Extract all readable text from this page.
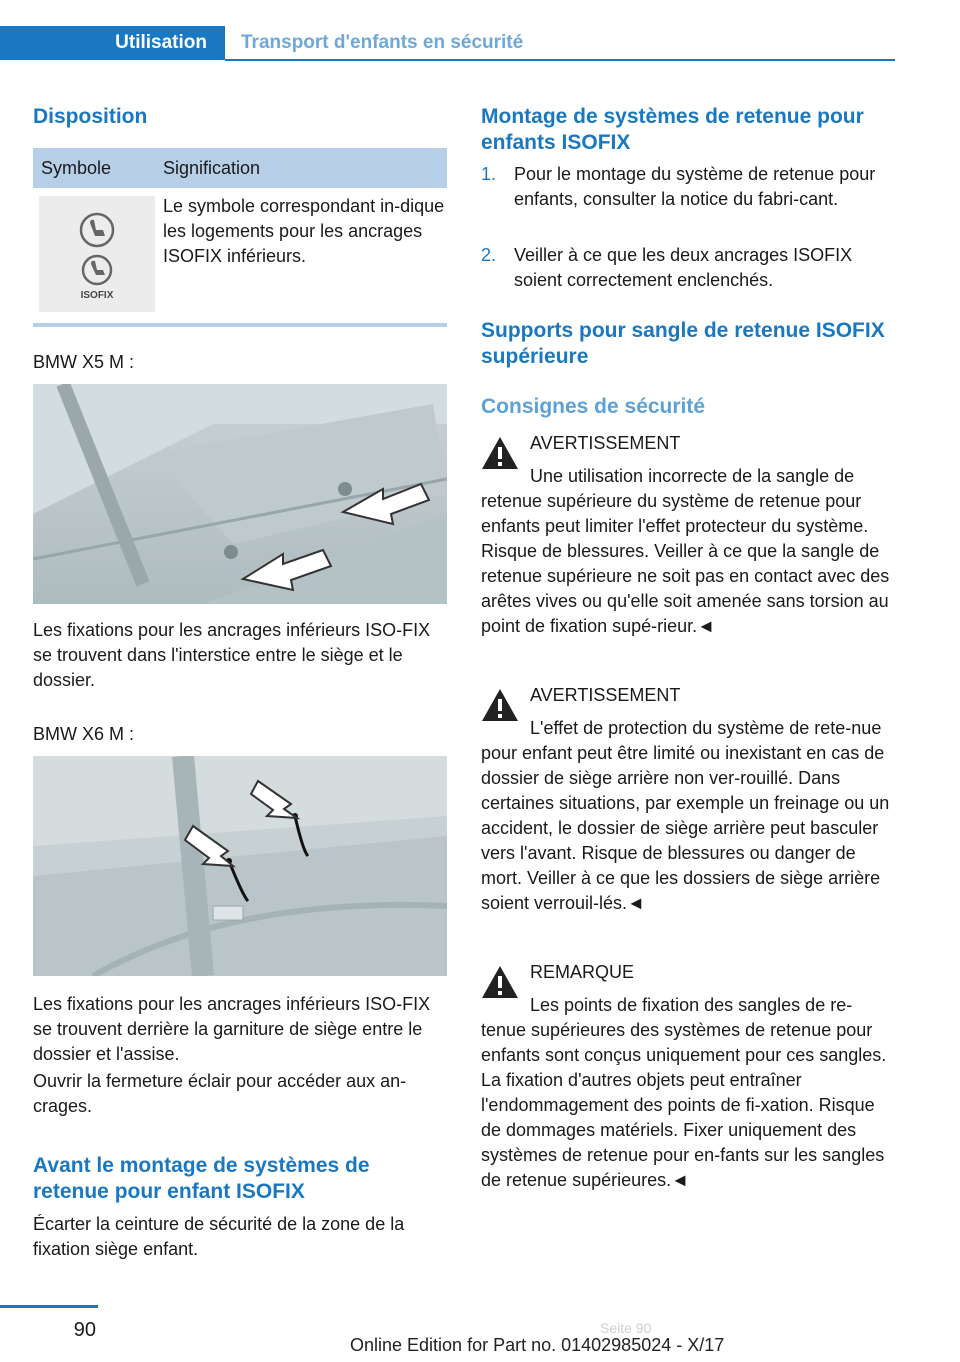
Utilisation	Transport d'enfants en sécurité
Disposition
Symbole	Signification
ISOFIX

Le symbole correspondant in-dique les logements pour les ancrages ISOFIX inférieurs.

BMW X5 M :

Les fixations pour les ancrages inférieurs ISO-FIX se trouvent dans l'interstice entre le siège et le dossier.

BMW X6 M :

Les fixations pour les ancrages inférieurs ISO-FIX se trouvent derrière la garniture de siège entre le dossier et l'assise.

Ouvrir la fermeture éclair pour accéder aux an-crages.

Avant le montage de systèmes de retenue pour enfant ISOFIX

Écarter la ceinture de sécurité de la zone de la fixation siège enfant.

Montage de systèmes de retenue pour enfants ISOFIX
1. Pour le montage du système de retenue pour enfants, consulter la notice du fabri-cant.

2. Veiller à ce que les deux ancrages ISOFIX soient correctement enclenchés.

Supports pour sangle de retenue ISOFIX supérieure
Consignes de sécurité

AVERTISSEMENT

Une utilisation incorrecte de la sangle de retenue supérieure du système de retenue pour enfants peut limiter l'effet protecteur du système. Risque de blessures. Veiller à ce que la sangle de retenue supérieure ne soit pas en contact avec des arêtes vives ou qu'elle soit amenée sans torsion au point de fixation supé-rieur.◄

AVERTISSEMENT

L'effet de protection du système de rete-nue pour enfant peut être limité ou inexistant en cas de dossier de siège arrière non ver-rouillé. Dans certaines situations, par exemple un freinage ou un accident, le dossier de siège arrière peut basculer vers l'avant. Risque de blessures ou danger de mort. Veiller à ce que les dossiers de siège arrière soient verrouil-lés.◄

REMARQUE

Les points de fixation des sangles de re-tenue supérieures des systèmes de retenue pour enfants sont conçus uniquement pour ces sangles. La fixation d'autres objets peut entraîner l'endommagement des points de fi-xation. Risque de dommages matériels. Fixer uniquement des systèmes de retenue pour en-fants sur les sangles de retenue supérieures.◄

90
Online Edition for Part no. 01402985024 - X/17
Seite 90
